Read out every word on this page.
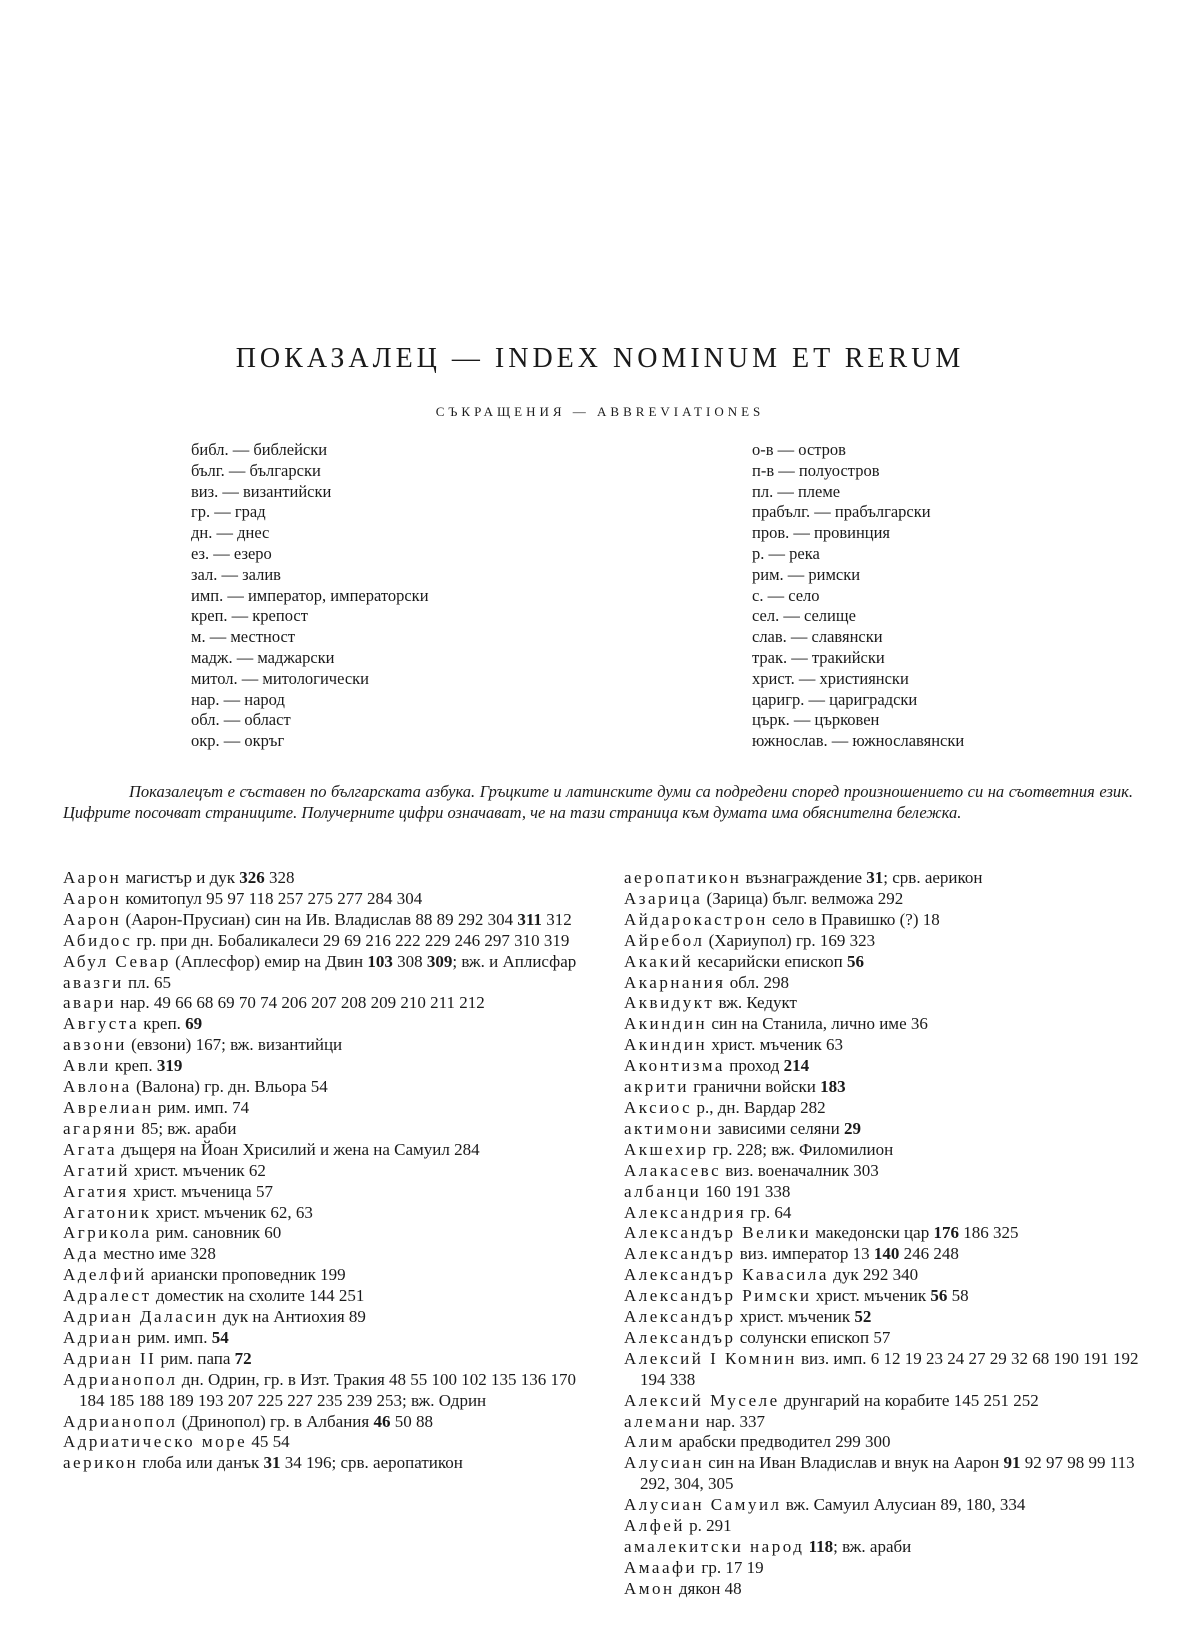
ПОКАЗАЛЕЦ — INDEX NOMINUM ET RERUM
СЪКРАЩЕНИЯ — ABBREVIATIONES
библ. — библейски
бълг. — български
виз. — византийски
гр. — град
дн. — днес
ез. — езеро
зал. — залив
имп. — император, императорски
креп. — крепост
м. — местност
мадж. — маджарски
митол. — митологически
нар. — народ
обл. — област
окр. — окръг
о-в — остров
п-в — полуостров
пл. — племе
прабълг. — прабългарски
пров. — провинция
р. — река
рим. — римски
с. — село
сел. — селище
слав. — славянски
трак. — тракийски
христ. — християнски
царигр. — цариградски
църк. — църковен
южнослав. — южнославянски
Показалецът е съставен по българската азбука. Гръцките и латинските думи са подредени според произношението си на съответния език. Цифрите посочват страниците. Получерните цифри означават, че на тази страница към думата има обяснителна бележка.
Аарон магистър и дук 326 328
Аарон комитопул 95 97 118 257 275 277 284 304
Аарон (Аарон-Прусиан) син на Ив. Владислав 88 89 292 304 311 312
Абидос гр. при дн. Бобаликалеси 29 69 216 222 229 246 297 310 319
Абул Севар (Аплесфор) емир на Двин 103 308 309; вж. и Аплисфар
авазги пл. 65
авари нар. 49 66 68 69 70 74 206 207 208 209 210 211 212
Августа креп. 69
авзони (евзони) 167; вж. византийци
Авли креп. 319
Авлона (Валона) гр. дн. Вльора 54
Аврелиан рим. имп. 74
агаряни 85; вж. араби
Агата дъщеря на Йоан Хрисилий и жена на Самуил 284
Агатий христ. мъченик 62
Агатия христ. мъченица 57
Агатоник христ. мъченик 62, 63
Агрикола рим. сановник 60
Ада местно име 328
Аделфий ариански проповедник 199
Адралест доместик на схолите 144 251
Адриан Даласин дук на Антиохия 89
Адриан рим. имп. 54
Адриан II рим. папа 72
Адрианопол дн. Одрин, гр. в Изт. Тракия 48 55 100 102 135 136 170 184 185 188 189 193 207 225 227 235 239 253; вж. Одрин
Адрианопол (Дринопол) гр. в Албания 46 50 88
Адриатическо море 45 54
аерикон глоба или данък 31 34 196; срв. аеропатикон
аеропатикон възнаграждение 31; срв. аерикон
Азарица (Зарица) бълг. велможа 292
Айдарокастрон село в Правишко (?) 18
Айребол (Хариупол) гр. 169 323
Акакий кесарийски епископ 56
Акарнания обл. 298
Аквидукт вж. Кедукт
Акиндин син на Станила, лично име 36
Акиндин христ. мъченик 63
Аконтизма проход 214
акрити гранични войски 183
Аксиос р., дн. Вардар 282
актимони зависими селяни 29
Акшехир гр. 228; вж. Филомилион
Алакасевс виз. военачалник 303
албанци 160 191 338
Александрия гр. 64
Александър Велики македонски цар 176 186 325
Александър виз. император 13 140 246 248
Александър Кавасила дук 292 340
Александър Римски христ. мъченик 56 58
Александър христ. мъченик 52
Александър солунски епископ 57
Алексий I Комнин виз. имп. 6 12 19 23 24 27 29 32 68 190 191 192 194 338
Алексий Муселе друнгарий на корабите 145 251 252
алемани нар. 337
Алим арабски предводител 299 300
Алусиан син на Иван Владислав и внук на Аарон 91 92 97 98 99 113 292, 304, 305
Алусиан Самуил вж. Самуил Алусиан 89, 180, 334
Алфей р. 291
амалекитски народ 118; вж. араби
Амаафи гр. 17 19
Амон дякон 48
